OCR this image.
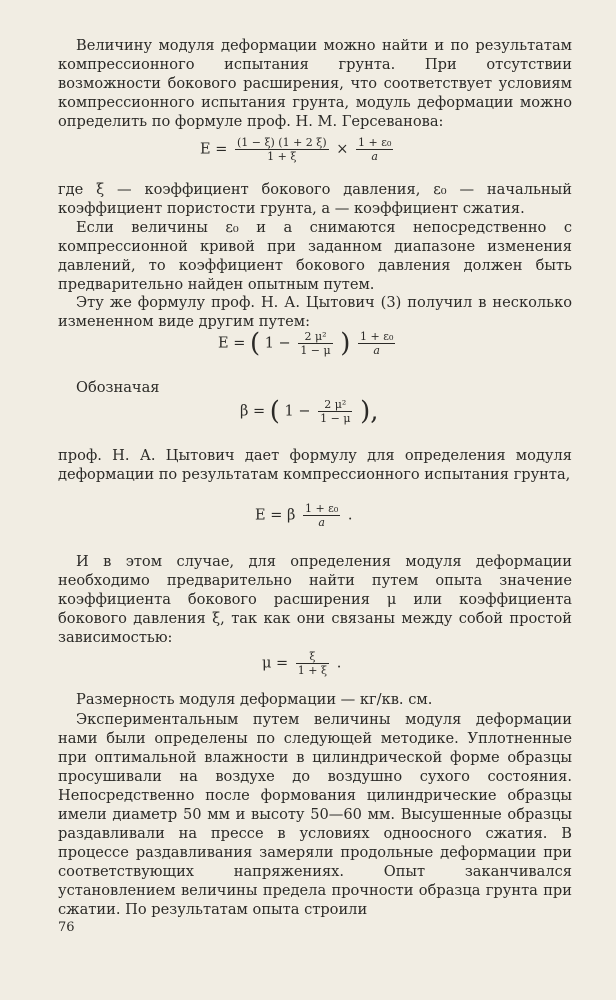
Величину модуля деформации можно найти и по результатам компрессионного испытания грунта. При отсутствии возможности бокового расширения, что соответствует условиям компрессионного испытания грунта, модуль деформации можно определить по формуле проф. Н. М. Герсеванова:

$E = \frac{(1 - \xi) (1 + 2 \xi)}{1 + \xi} \times \frac{\text{1 + ε₀}}{a}$

где ξ — коэффициент бокового давления, ε₀ — начальный коэффициент пористости грунта, a — коэффициент сжатия.

Если величины ε₀ и a снимаются непосредственно с компрессионной кривой при заданном диапазоне изменения давлений, то коэффициент бокового давления должен быть предварительно найден опытным путем.

Эту же формулу проф. Н. А. Цытович (3) получил в несколько измененном виде другим путем:

E = ( $1 - \frac{\text{2 μ²}}{1 - \mu}$ ) $\frac{\text{1 + ε₀}}{a}$

Обозначая

β = ( $1 - \frac{\text{2 μ²}}{1 - \mu}$ ),

проф. Н. А. Цытович дает формулу для определения модуля деформации по результатам компрессионного испытания грунта,

E = β $\frac{\text{1 + ε₀}}{a}$ .

И в этом случае, для определения модуля деформации необходимо предварительно найти путем опыта значение коэффициента бокового расширения μ или коэффициента бокового давления ξ, так как они связаны между собой простой зависимостью:

$\mu = \frac{\xi}{1 + \xi}$ .

Размерность модуля деформации — кг/кв. см.

Экспериментальным путем величины модуля деформации нами были определены по следующей методике. Уплотненные при оптимальной влажности в цилиндрической форме образцы просушивали на воздухе до воздушно сухого состояния. Непосредственно после формования цилиндрические образцы имели диаметр 50 мм и высоту 50—60 мм. Высушенные образцы раздавливали на прессе в условиях одноосного сжатия. В процессе раздавливания замеряли продольные деформации при соответствующих напряжениях. Опыт заканчивался установлением величины предела прочности образца грунта при сжатии. По результатам опыта строили

76
